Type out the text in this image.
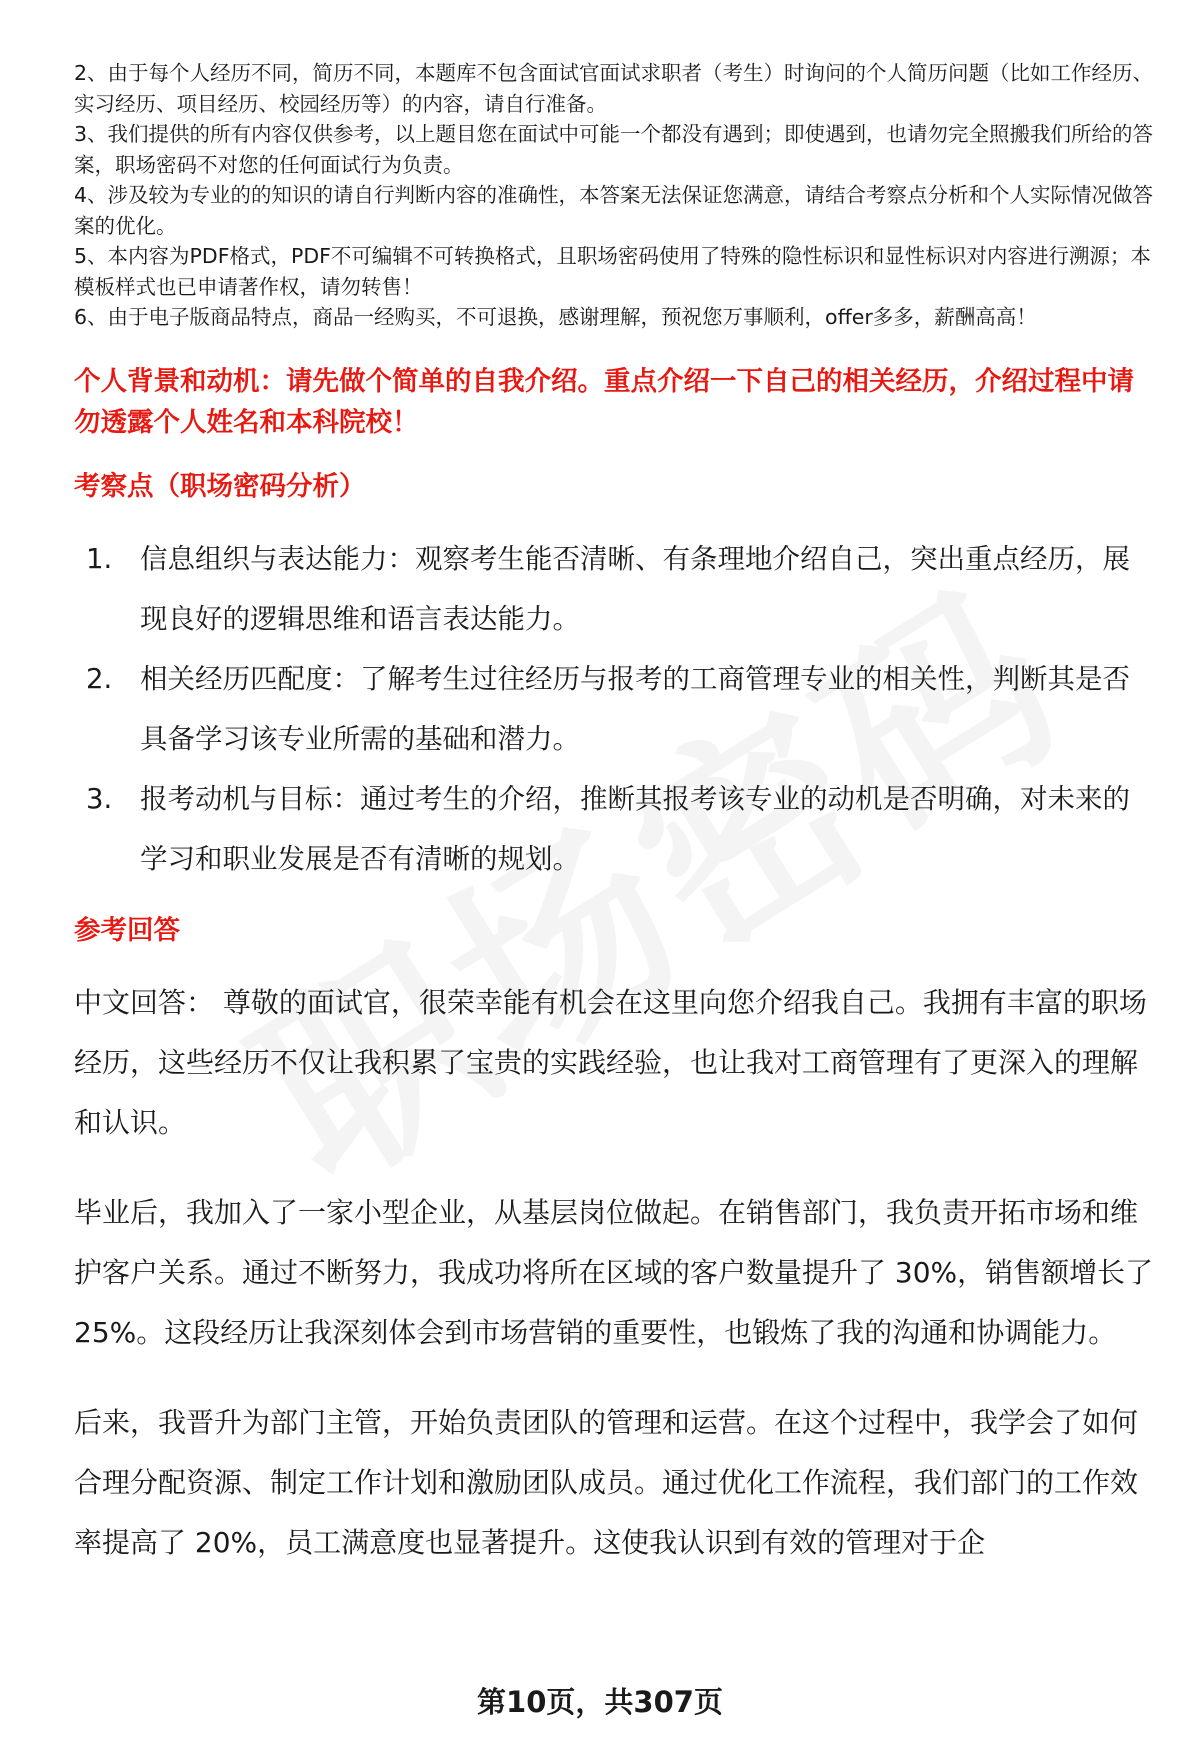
2、由于每个人经历不同，简历不同，本题库不包含面试官面试求职者（考生）时询问的个人简历问题（比如工作经历、实习经历、项目经历、校园经历等）的内容，请自行准备。
3、我们提供的所有内容仅供参考，以上题目您在面试中可能一个都没有遇到；即使遇到，也请勿完全照搬我们所给的答案，职场密码不对您的任何面试行为负责。
4、涉及较为专业的的知识的请自行判断内容的准确性，本答案无法保证您满意，请结合考察点分析和个人实际情况做答案的优化。
5、本内容为PDF格式，PDF不可编辑不可转换格式，且职场密码使用了特殊的隐性标识和显性标识对内容进行溯源；本模板样式也已申请著作权，请勿转售！
6、由于电子版商品特点，商品一经购买，不可退换，感谢理解，预祝您万事顺利，offer多多，薪酬高高！
个人背景和动机：请先做个简单的自我介绍。重点介绍一下自己的相关经历，介绍过程中请勿透露个人姓名和本科院校！
考察点（职场密码分析）
1.	信息组织与表达能力：观察考生能否清晰、有条理地介绍自己，突出重点经历，展现良好的逻辑思维和语言表达能力。
2.	相关经历匹配度：了解考生过往经历与报考的工商管理专业的相关性，判断其是否具备学习该专业所需的基础和潜力。
3.	报考动机与目标：通过考生的介绍，推断其报考该专业的动机是否明确，对未来的学习和职业发展是否有清晰的规划。
参考回答

中文回答： 尊敬的面试官，很荣幸能有机会在这里向您介绍我自己。我拥有丰富的职场经历，这些经历不仅让我积累了宝贵的实践经验，也让我对工商管理有了更深入的理解和认识。

毕业后，我加入了一家小型企业，从基层岗位做起。在销售部门，我负责开拓市场和维护客户关系。通过不断努力，我成功将所在区域的客户数量提升了 30%，销售额增长了 25%。这段经历让我深刻体会到市场营销的重要性，也锻炼了我的沟通和协调能力。

后来，我晋升为部门主管，开始负责团队的管理和运营。在这个过程中，我学会了如何合理分配资源、制定工作计划和激励团队成员。通过优化工作流程，我们部门的工作效率提高了 20%，员工满意度也显著提升。这使我认识到有效的管理对于企

第10页，共307页
